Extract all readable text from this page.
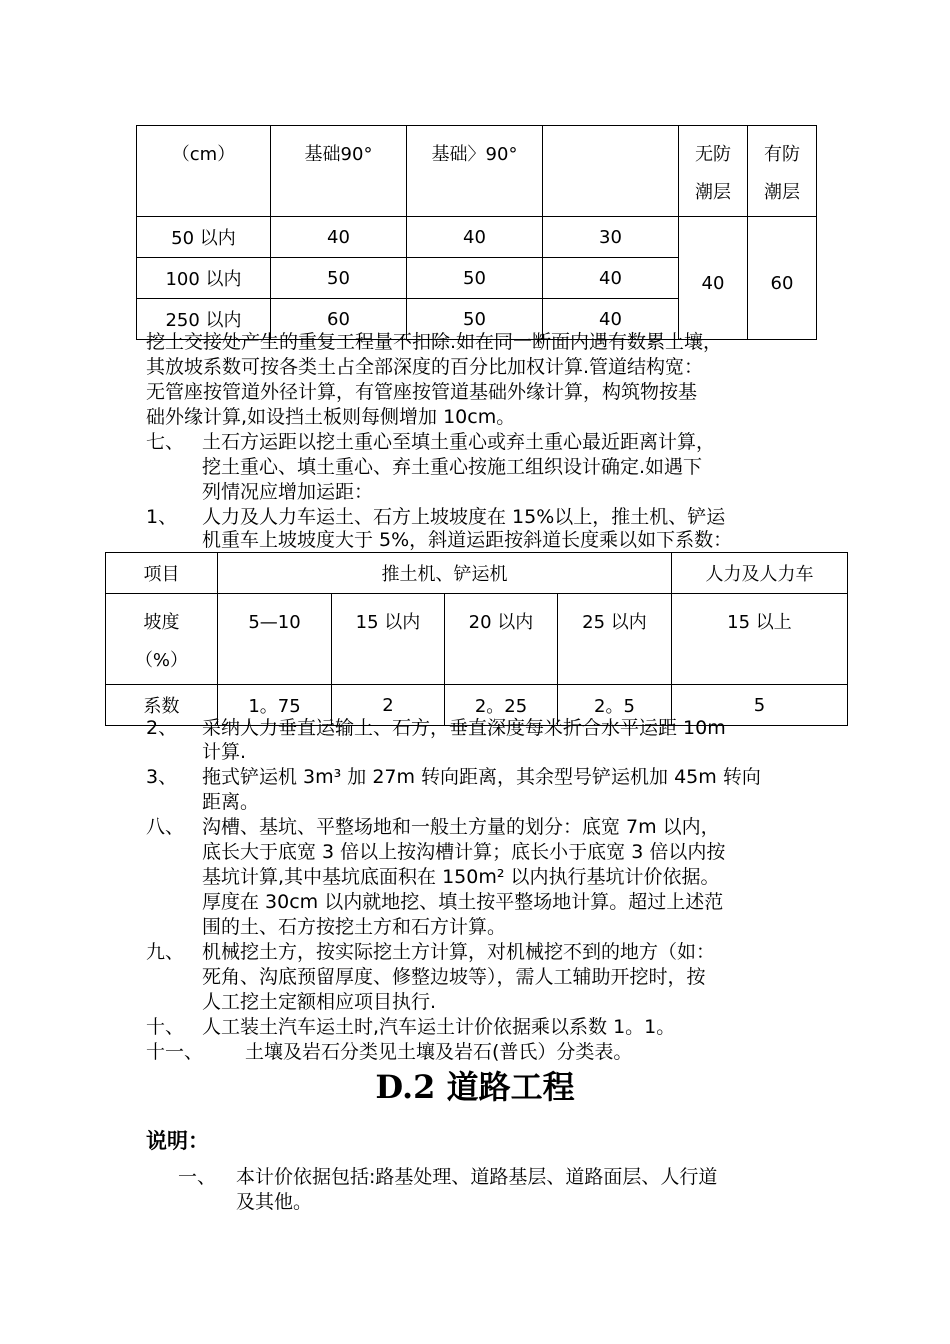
（cm）	基础90°	基础〉90°		无防
潮层	有防
潮层
50 以内	40	40	30	40	60
100 以内	50	50	40		
250 以内	60	50	40		
挖土交接处产生的重复工程量不扣除.如在同一断面内遇有数累土壤，
其放坡系数可按各类土占全部深度的百分比加权计算.管道结构宽：
无管座按管道外径计算，有管座按管道基础外缘计算，构筑物按基
础外缘计算,如设挡土板则每侧增加 10cm。
七、 土石方运距以挖土重心至填土重心或弃土重心最近距离计算，
挖土重心、填土重心、弃土重心按施工组织设计确定.如遇下
列情况应增加运距：
1、 人力及人力车运土、石方上坡坡度在 15%以上，推土机、铲运
机重车上坡坡度大于 5%，斜道运距按斜道长度乘以如下系数：
项目	推土机、铲运机				人力及人力车
坡度
（%）	5—10	15 以内	20 以内	25 以内	15 以上
系数	1。75	2	2。25	2。5	5
2、 采纳人力垂直运输土、石方，垂直深度每米折合水平运距 10m
计算.
3、 拖式铲运机 3m³ 加 27m 转向距离，其余型号铲运机加 45m 转向
距离。
八、 沟槽、基坑、平整场地和一般土方量的划分：底宽 7m 以内，
底长大于底宽 3 倍以上按沟槽计算；底长小于底宽 3 倍以内按
基坑计算,其中基坑底面积在 150m² 以内执行基坑计价依据。
厚度在 30cm 以内就地挖、填土按平整场地计算。超过上述范
围的土、石方按挖土方和石方计算。
九、 机械挖土方，按实际挖土方计算，对机械挖不到的地方（如：
死角、沟底预留厚度、修整边坡等），需人工辅助开挖时，按
人工挖土定额相应项目执行.
十、 人工装土汽车运土时,汽车运土计价依据乘以系数 1。1。
十一、 土壤及岩石分类见土壤及岩石(普氏）分类表。
D.2 道路工程
说明：
一、 本计价依据包括:路基处理、道路基层、道路面层、人行道
及其他。
